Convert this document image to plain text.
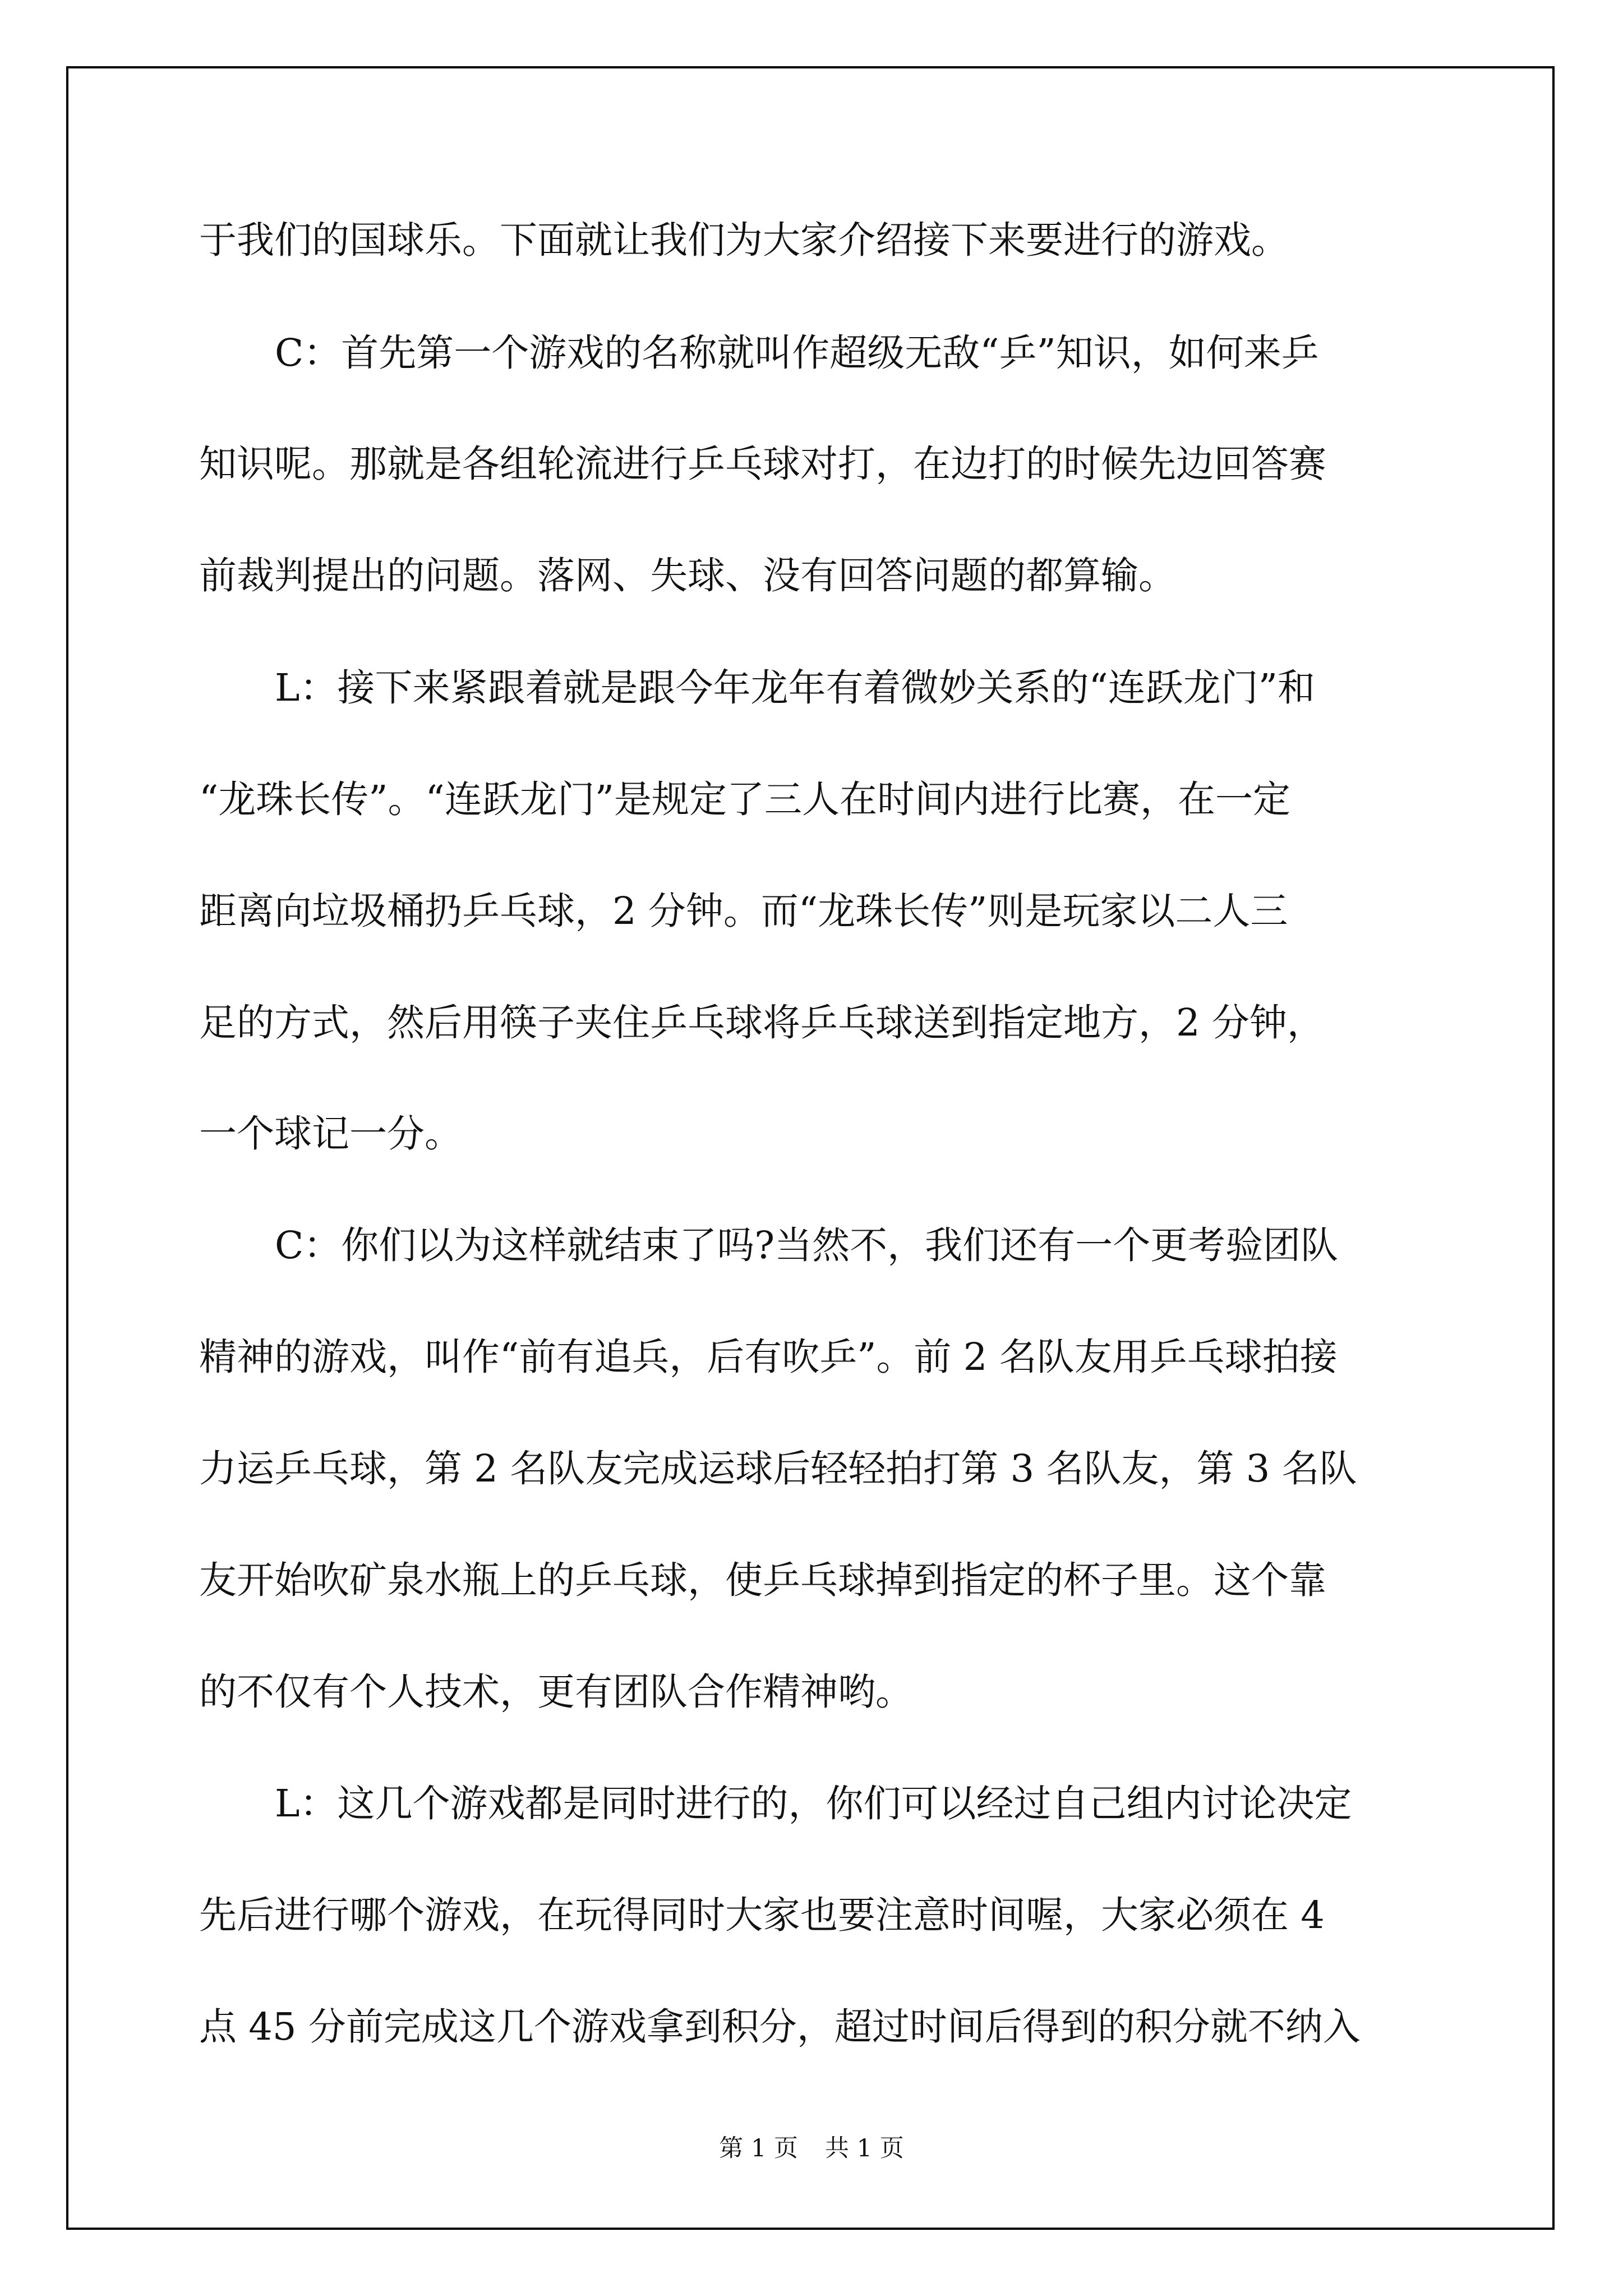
于我们的国球乐。下面就让我们为大家介绍接下来要进行的游戏。

C：首先第一个游戏的名称就叫作超级无敌“乒”知识，如何来乒

知识呢。那就是各组轮流进行乒乓球对打，在边打的时候先边回答赛

前裁判提出的问题。落网、失球、没有回答问题的都算输。

L：接下来紧跟着就是跟今年龙年有着微妙关系的“连跃龙门”和

“龙珠长传”。“连跃龙门”是规定了三人在时间内进行比赛，在一定

距离向垃圾桶扔乒乓球，2 分钟。而“龙珠长传”则是玩家以二人三

足的方式，然后用筷子夹住乒乓球将乒乓球送到指定地方，2 分钟，

一个球记一分。

C：你们以为这样就结束了吗?当然不，我们还有一个更考验团队

精神的游戏，叫作“前有追兵，后有吹乒”。前 2 名队友用乒乓球拍接

力运乒乓球，第 2 名队友完成运球后轻轻拍打第 3 名队友，第 3 名队

友开始吹矿泉水瓶上的乒乓球，使乒乓球掉到指定的杯子里。这个靠

的不仅有个人技术，更有团队合作精神哟。

L：这几个游戏都是同时进行的，你们可以经过自己组内讨论决定

先后进行哪个游戏，在玩得同时大家也要注意时间喔，大家必须在 4

点 45 分前完成这几个游戏拿到积分，超过时间后得到的积分就不纳入

第 1 页 共 1 页
